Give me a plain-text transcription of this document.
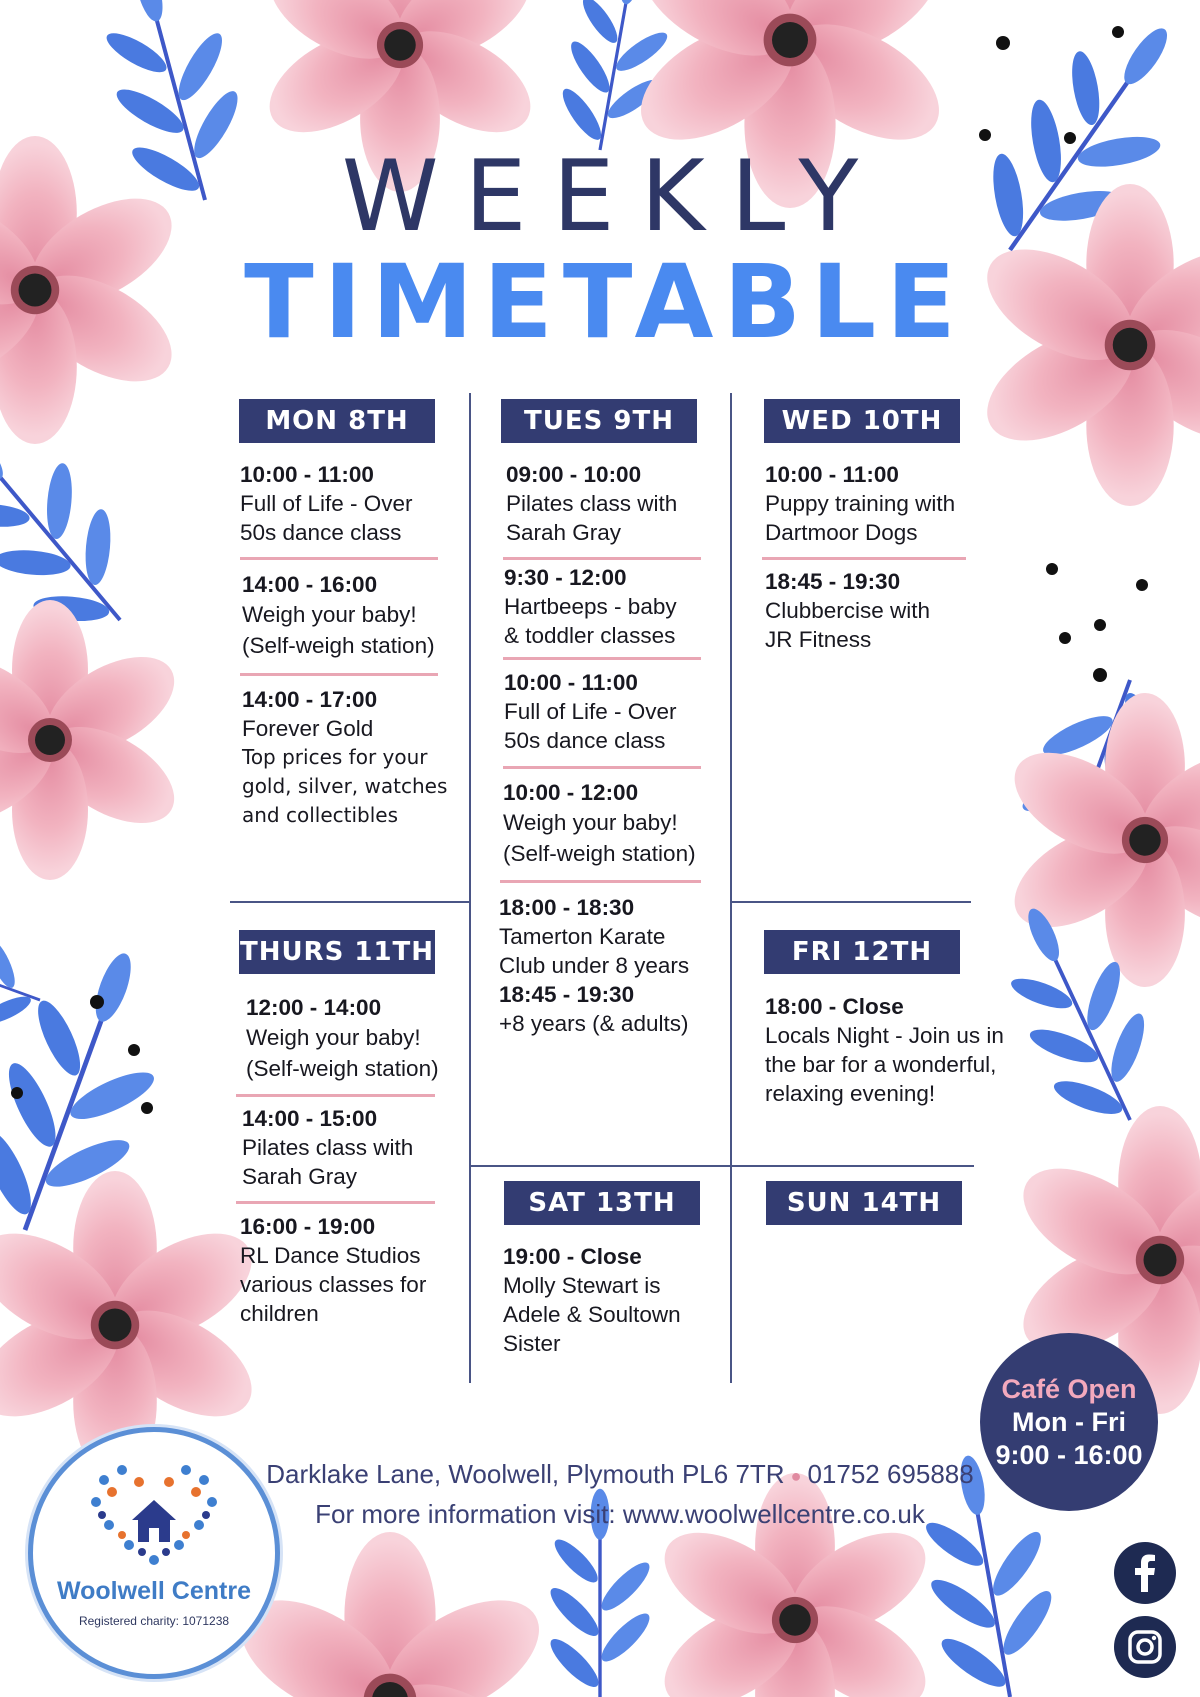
WEEKLY
TIMETABLE
MON 8TH
10:00 - 11:00
Full of Life - Over
50s dance class
14:00 - 16:00
Weigh your baby!
(Self-weigh station)
14:00 - 17:00
Forever Gold
Top prices for your
gold, silver, watches
and collectibles
TUES 9TH
09:00 - 10:00
Pilates class with
Sarah Gray
9:30 - 12:00
Hartbeeps - baby
& toddler classes
10:00 - 11:00
Full of Life - Over
50s dance class
10:00 - 12:00
Weigh your baby!
(Self-weigh station)
18:00 - 18:30
Tamerton Karate
Club under 8 years
18:45 - 19:30
+8 years (& adults)
WED 10TH
10:00 - 11:00
Puppy training with
Dartmoor Dogs
18:45 - 19:30
Clubbercise with
JR Fitness
THURS 11TH
12:00 - 14:00
Weigh your baby!
(Self-weigh station)
14:00 - 15:00
Pilates class with
Sarah Gray
16:00 - 19:00
RL Dance Studios
various classes for
children
FRI 12TH
18:00 - Close
Locals Night - Join us in
the bar for a wonderful,
relaxing evening!
SAT 13TH
19:00 - Close
Molly Stewart is
Adele & Soultown
Sister
SUN 14TH
Café Open
Mon - Fri
9:00 - 16:00
Darklake Lane, Woolwell, Plymouth PL6 7TR ● 01752 695888
For more information visit: www.woolwellcentre.co.uk
Woolwell Centre
Registered charity: 1071238
